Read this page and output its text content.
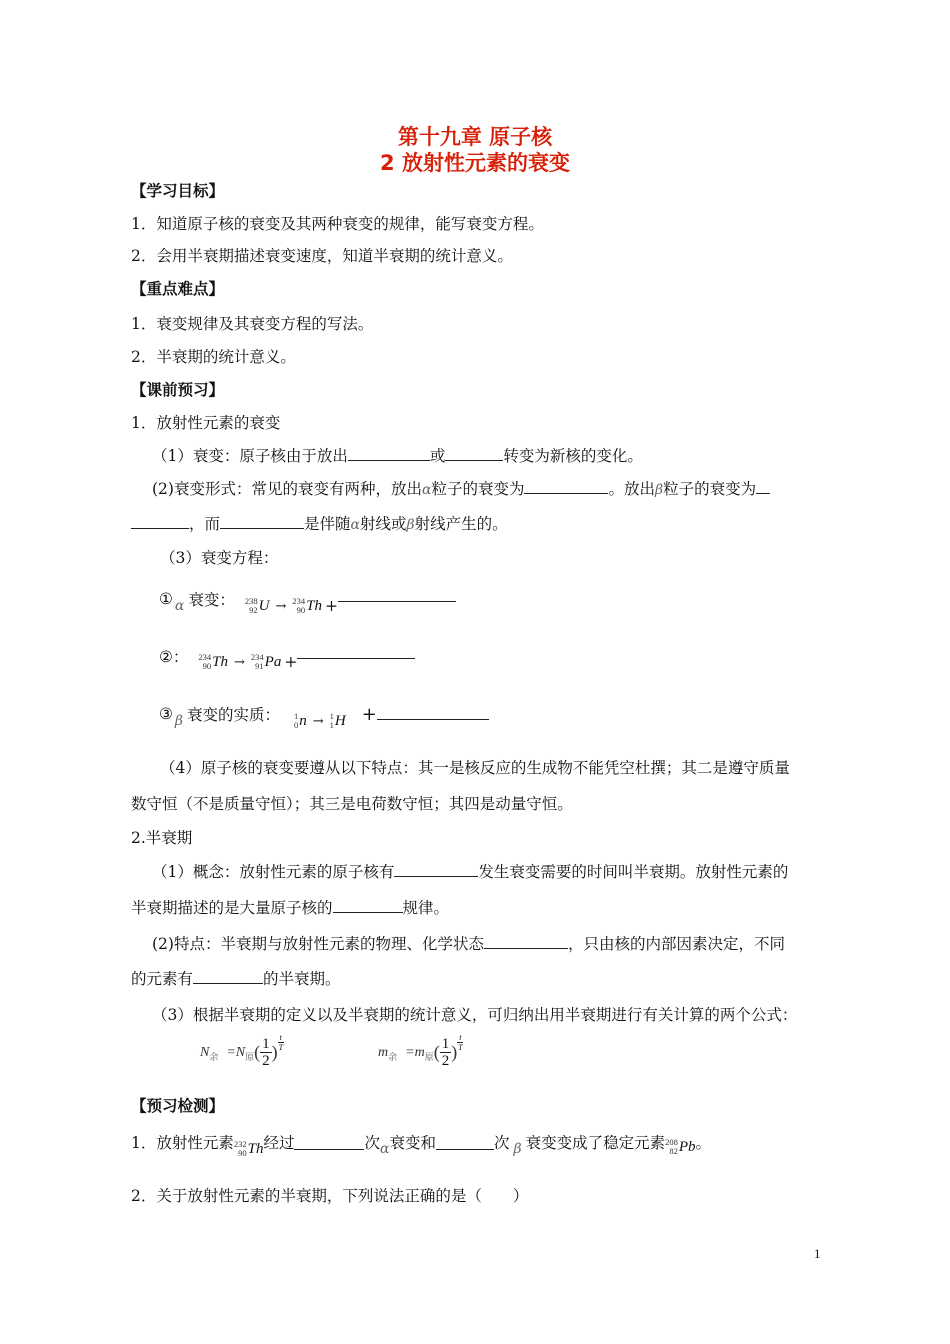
第十九章 原子核
2 放射性元素的衰变
【学习目标】
1．知道原子核的衰变及其两种衰变的规律，能写衰变方程。
2．会用半衰期描述衰变速度，知道半衰期的统计意义。
【重点难点】
1．衰变规律及其衰变方程的写法。
2．半衰期的统计意义。
【课前预习】
1．放射性元素的衰变
（1）衰变：原子核由于放出	或	转变为新核的变化。
(2)衰变形式：常见的衰变有两种，放出α粒子的衰变为	。放出β粒子的衰变为
，而	是伴随α射线或β射线产生的。
（3）衰变方程：
① α 衰变： 238
92 U → 234
90 Th +
②： 234
90 Th → 234
91 Pa +
③ β 衰变的实质： 1
0 n → 1
1 H +
（4）原子核的衰变要遵从以下特点：其一是核反应的生成物不能凭空杜撰；其二是遵守质量
数守恒（不是质量守恒）；其三是电荷数守恒；其四是动量守恒。
2.半衰期
（1）概念：放射性元素的原子核有	发生衰变需要的时间叫半衰期。放射性元素的
半衰期描述的是大量原子核的	规律。
(2)特点：半衰期与放射性元素的物理、化学状态	，只由核的内部因素决定，不同
的元素有	的半衰期。
（3）根据半衰期的定义以及半衰期的统计意义，可归纳出用半衰期进行有关计算的两个公式：
N 余 =N 原 ( $\frac{1}{2}$ ) $\frac{t}{T}$	m 余 =m 原 ( $\frac{1}{2}$ ) $\frac{t}{T}$
【预习检测】
1．放射性元素 232
90 Th 经过	次 α 衰变和	次 β 衰变变成了稳定元素 208
82 Pb 。
2．关于放射性元素的半衰期，下列说法正确的是（　　）
1
